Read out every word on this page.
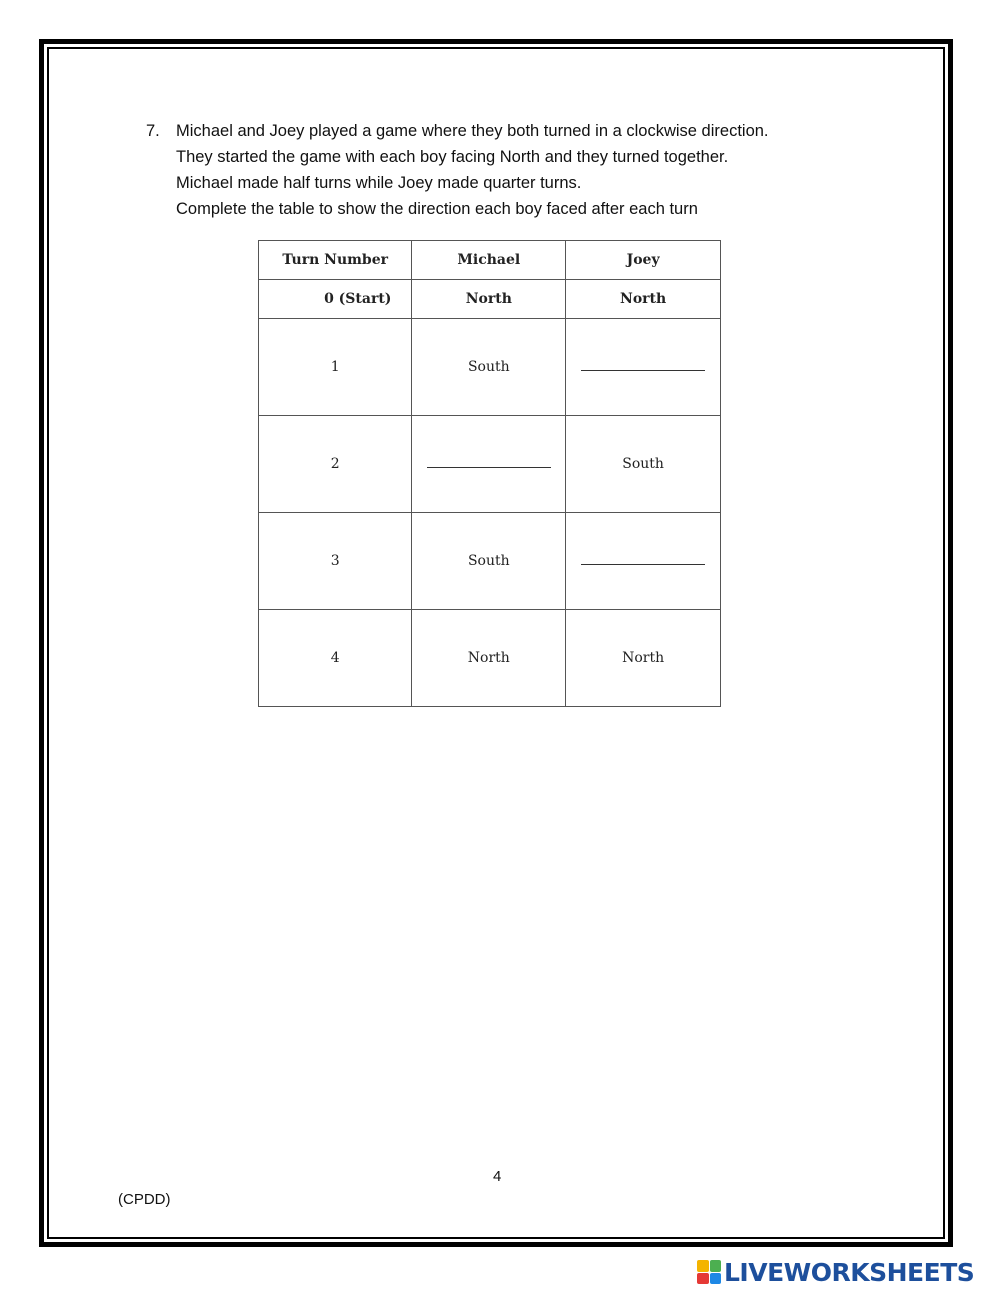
7. Michael and Joey played a game where they both turned in a clockwise direction.
They started the game with each boy facing North and they turned together.
Michael made half turns while Joey made quarter turns.
Complete the table to show the direction each boy faced after each turn
Turn Number	Michael	Joey
0 (Start)	North	North
1	South	
2		South
3	South	
4	North	North
4
(CPDD)
LIVEWORKSHEETS
